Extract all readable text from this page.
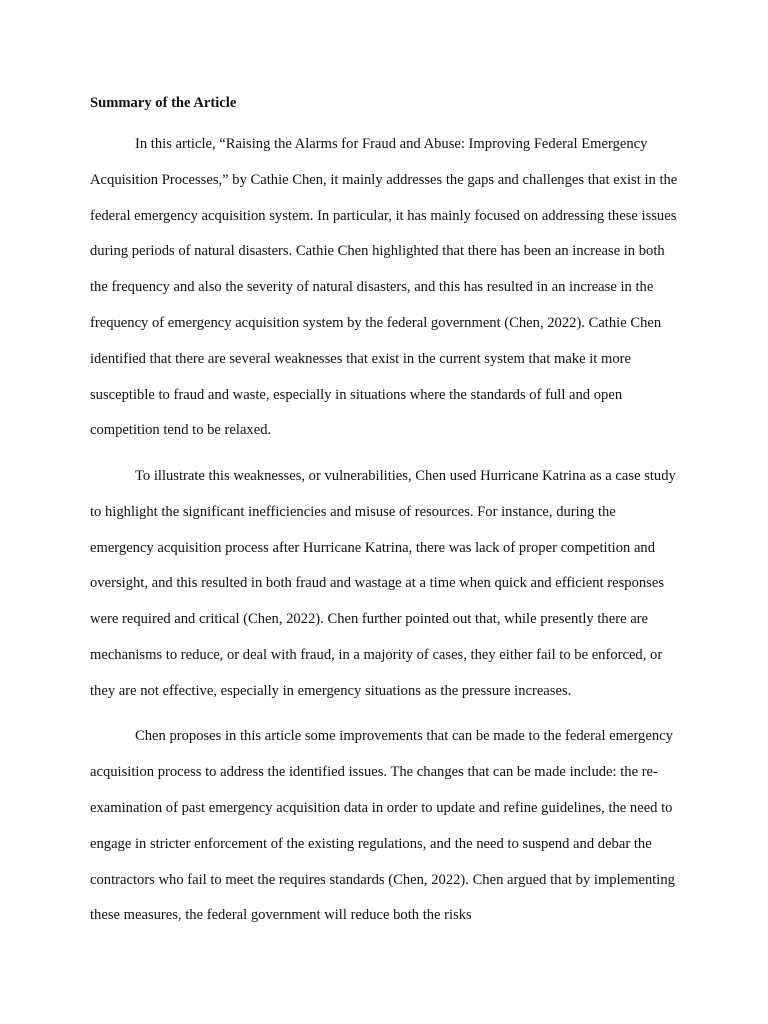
Summary of the Article

In this article, “Raising the Alarms for Fraud and Abuse: Improving Federal Emergency Acquisition Processes,” by Cathie Chen, it mainly addresses the gaps and challenges that exist in the federal emergency acquisition system. In particular, it has mainly focused on addressing these issues during periods of natural disasters. Cathie Chen highlighted that there has been an increase in both the frequency and also the severity of natural disasters, and this has resulted in an increase in the frequency of emergency acquisition system by the federal government (Chen, 2022). Cathie Chen identified that there are several weaknesses that exist in the current system that make it more susceptible to fraud and waste, especially in situations where the standards of full and open competition tend to be relaxed.

To illustrate this weaknesses, or vulnerabilities, Chen used Hurricane Katrina as a case study to highlight the significant inefficiencies and misuse of resources. For instance, during the emergency acquisition process after Hurricane Katrina, there was lack of proper competition and oversight, and this resulted in both fraud and wastage at a time when quick and efficient responses were required and critical (Chen, 2022). Chen further pointed out that, while presently there are mechanisms to reduce, or deal with fraud, in a majority of cases, they either fail to be enforced, or they are not effective, especially in emergency situations as the pressure increases.

Chen proposes in this article some improvements that can be made to the federal emergency acquisition process to address the identified issues. The changes that can be made include: the re-examination of past emergency acquisition data in order to update and refine guidelines, the need to engage in stricter enforcement of the existing regulations, and the need to suspend and debar the contractors who fail to meet the requires standards (Chen, 2022). Chen argued that by implementing these measures, the federal government will reduce both the risks
